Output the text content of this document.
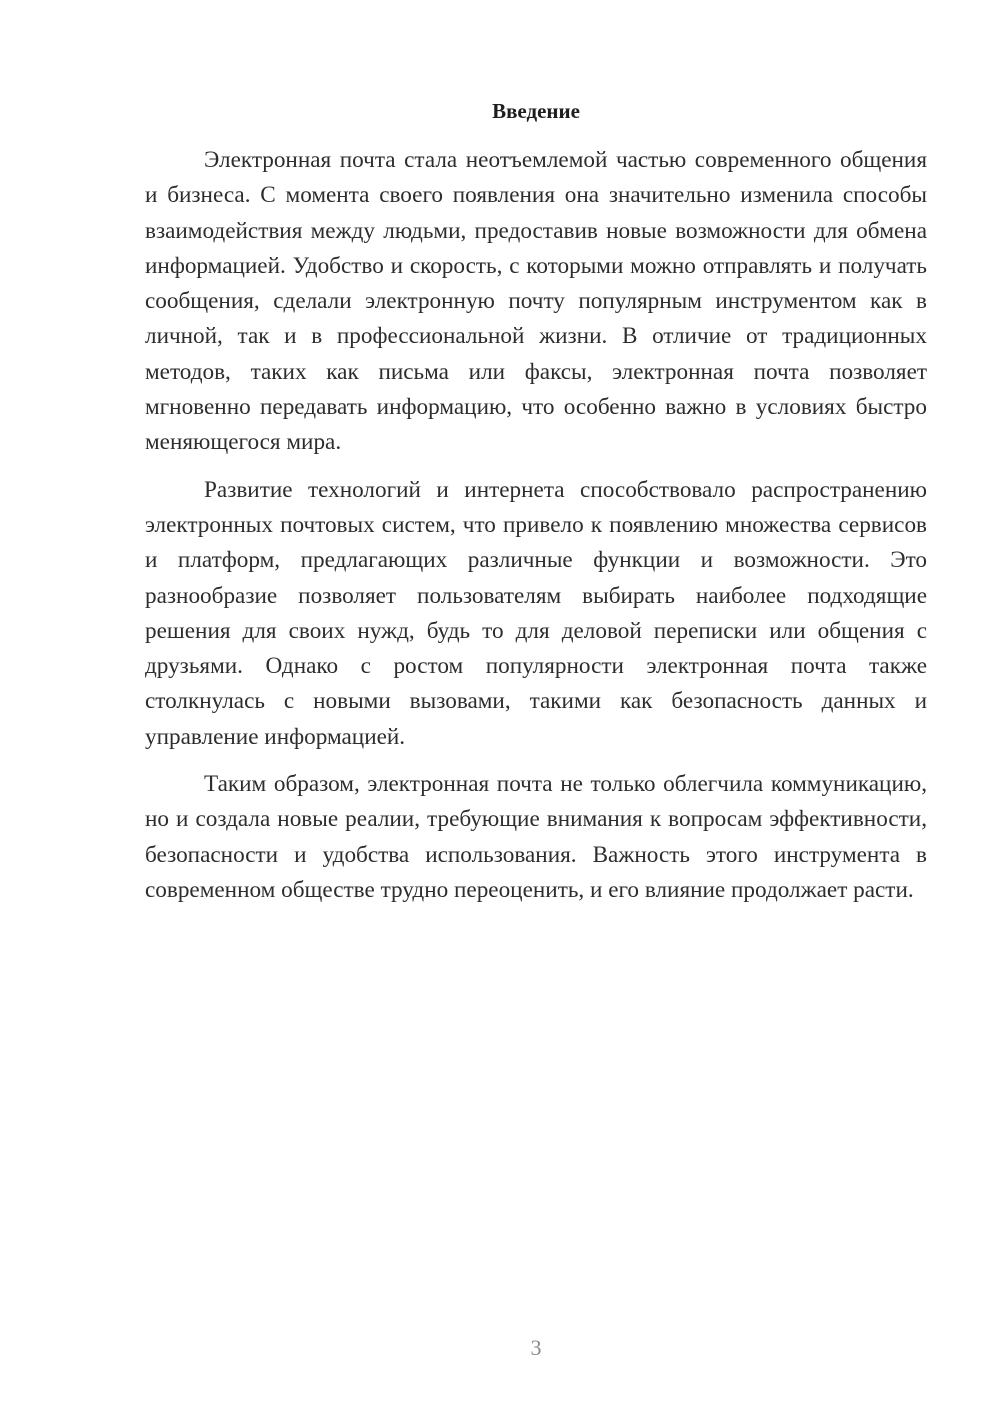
Введение

Электронная почта стала неотъемлемой частью современного общения и бизнеса. С момента своего появления она значительно изменила способы взаимодействия между людьми, предоставив новые возможности для обмена информацией. Удобство и скорость, с которыми можно отправлять и получать сообщения, сделали электронную почту популярным инструментом как в личной, так и в профессиональной жизни. В отличие от традиционных методов, таких как письма или факсы, электронная почта позволяет мгновенно передавать информацию, что особенно важно в условиях быстро меняющегося мира.

Развитие технологий и интернета способствовало распространению электронных почтовых систем, что привело к появлению множества сервисов и платформ, предлагающих различные функции и возможности. Это разнообразие позволяет пользователям выбирать наиболее подходящие решения для своих нужд, будь то для деловой переписки или общения с друзьями. Однако с ростом популярности электронная почта также столкнулась с новыми вызовами, такими как безопасность данных и управление информацией.

Таким образом, электронная почта не только облегчила коммуникацию, но и создала новые реалии, требующие внимания к вопросам эффективности, безопасности и удобства использования. Важность этого инструмента в современном обществе трудно переоценить, и его влияние продолжает расти.

3
